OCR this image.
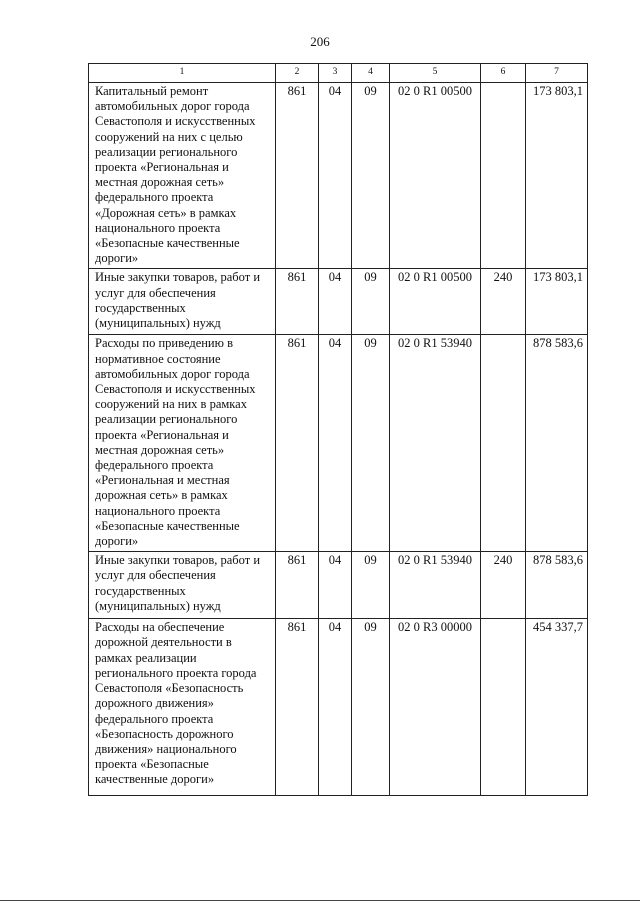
206
1	2	3	4	5	6	7
Капитальный ремонт автомобильных дорог города Севастополя и искусственных сооружений на них с целью реализации регионального проекта «Региональная и местная дорожная сеть» федерального проекта «Дорожная сеть» в рамках национального проекта «Безопасные качественные дороги»	861	04	09	02 0 R1 00500		173 803,1
Иные закупки товаров, работ и услуг для обеспечения государственных (муниципальных) нужд	861	04	09	02 0 R1 00500	240	173 803,1
Расходы по приведению в нормативное состояние автомобильных дорог города Севастополя и искусственных сооружений на них в рамках реализации регионального проекта «Региональная и местная дорожная сеть» федерального проекта «Региональная и местная дорожная сеть» в рамках национального проекта «Безопасные качественные дороги»	861	04	09	02 0 R1 53940		878 583,6
Иные закупки товаров, работ и услуг для обеспечения государственных (муниципальных) нужд	861	04	09	02 0 R1 53940	240	878 583,6
Расходы на обеспечение дорожной деятельности в рамках реализации регионального проекта города Севастополя «Безопасность дорожного движения» федерального проекта «Безопасность дорожного движения» национального проекта «Безопасные качественные дороги»	861	04	09	02 0 R3 00000		454 337,7
